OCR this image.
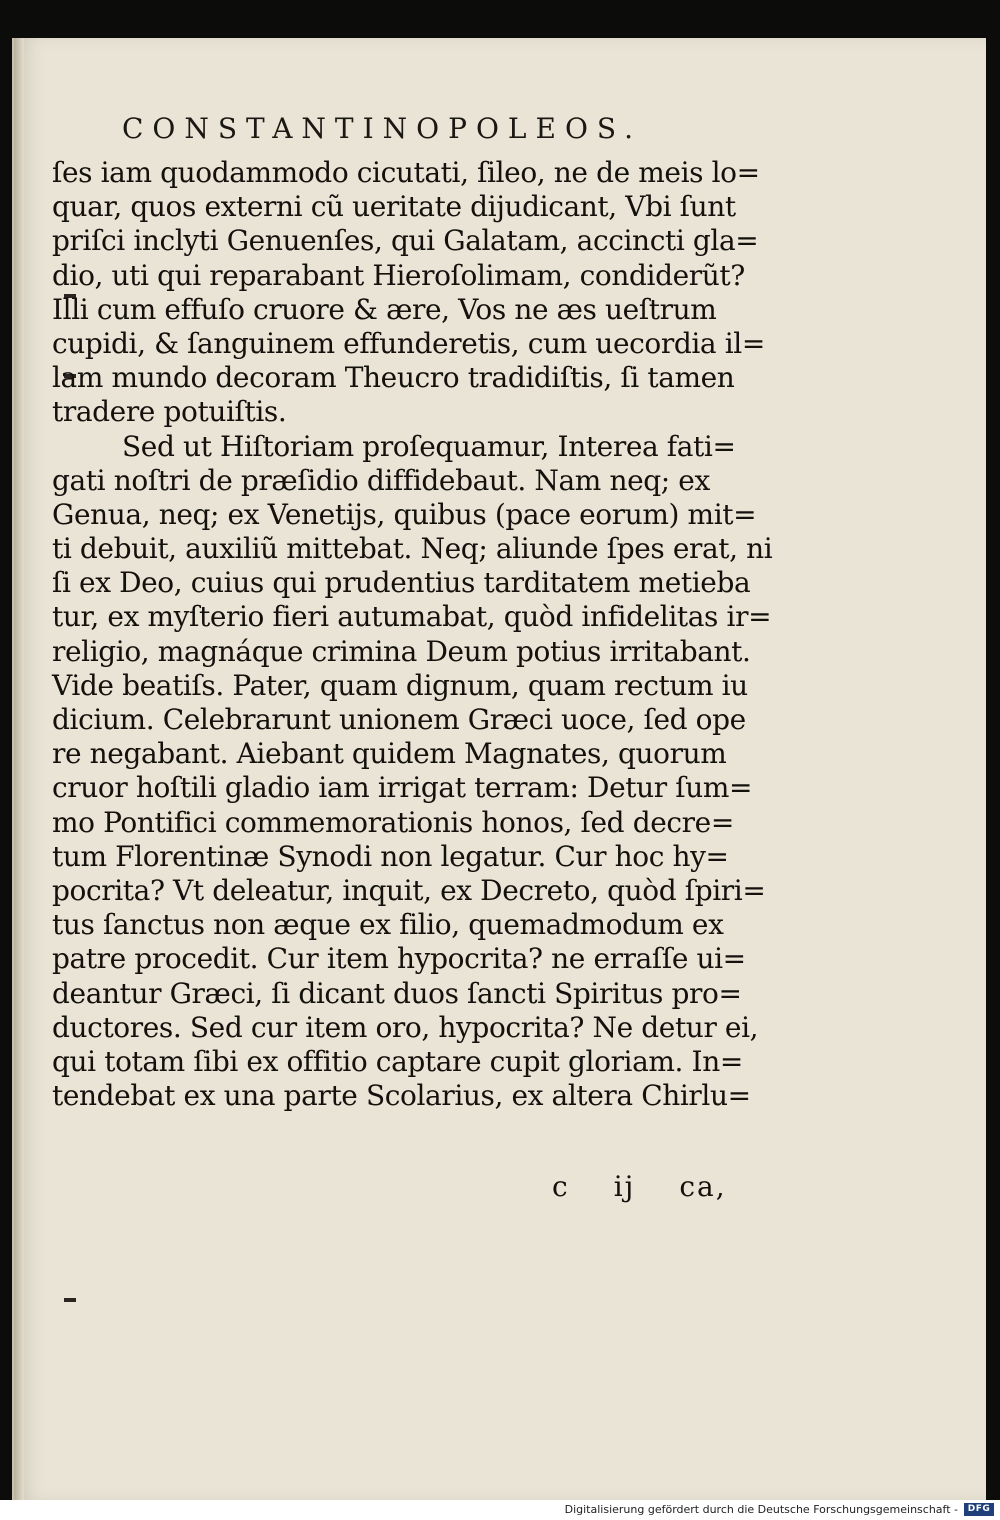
CONSTANTINOPOLEOS.
ſes iam quodammodo cicutati, ſileo, ne de meis lo=
quar, quos externi cũ ueritate dijudicant, Vbi ſunt
priſci inclyti Genuenſes, qui Galatam, accincti gla=
dio, uti qui reparabant Hieroſolimam, condiderũt?
Illi cum effuſo cruore & ære, Vos ne æs ueſtrum
cupidi, & ſanguinem effunderetis, cum uecordia il=
lam mundo decoram Theucro tradidiſtis, ſi tamen
tradere potuiſtis.
Sed ut Hiſtoriam proſequamur, Interea fati=
gati noſtri de præſidio diffidebaut. Nam neq; ex
Genua, neq; ex Venetijs, quibus (pace eorum) mit=
ti debuit, auxiliũ mittebat. Neq; aliunde ſpes erat, ni
ſi ex Deo, cuius qui prudentius tarditatem metieba
tur, ex myſterio fieri autumabat, quòd infidelitas ir=
religio, magnáque crimina Deum potius irritabant.
Vide beatiſs. Pater, quam dignum, quam rectum iu
dicium. Celebrarunt unionem Græci uoce, ſed ope
re negabant. Aiebant quidem Magnates, quorum
cruor hoſtili gladio iam irrigat terram: Detur ſum=
mo Pontifici commemorationis honos, ſed decre=
tum Florentinæ Synodi non legatur. Cur hoc hy=
pocrita? Vt deleatur, inquit, ex Decreto, quòd ſpiri=
tus ſanctus non æque ex filio, quemadmodum ex
patre procedit. Cur item hypocrita? ne erraſſe ui=
deantur Græci, ſi dicant duos ſancti Spiritus pro=
ductores. Sed cur item oro, hypocrita? Ne detur ei,
qui totam ſibi ex offitio captare cupit gloriam. In=
tendebat ex una parte Scolarius, ex altera Chirlu=
c ij ca,
Digitalisierung gefördert durch die Deutsche Forschungsgemeinschaft -	DFG
